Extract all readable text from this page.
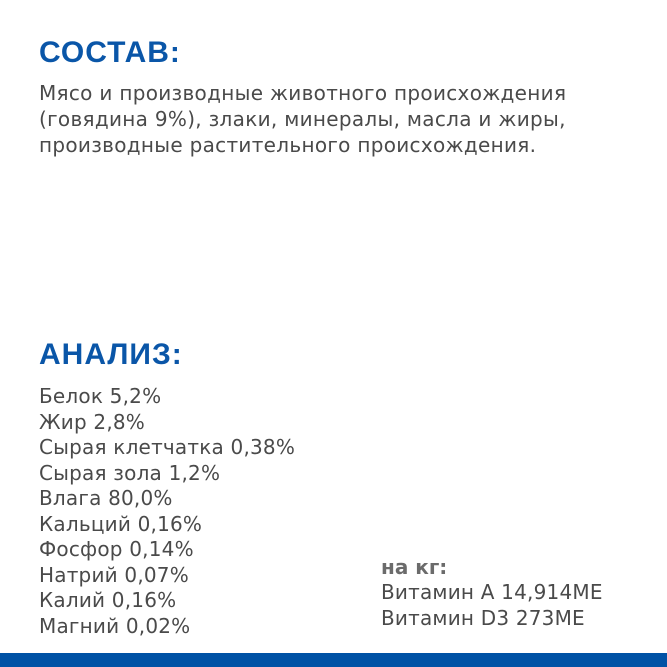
СОСТАВ:

Мясо и производные животного происхождения (говядина 9%), злаки, минералы, масла и жиры, производные растительного происхождения.

АНАЛИЗ:
Белок 5,2%
Жир 2,8%
Сырая клетчатка 0,38%
Сырая зола 1,2%
Влага 80,0%
Кальций 0,16%
Фосфор 0,14%
Натрий 0,07%
Калий 0,16%
Магний 0,02%
на кг:
Витамин А 14,914МЕ
Витамин D3 273МЕ
